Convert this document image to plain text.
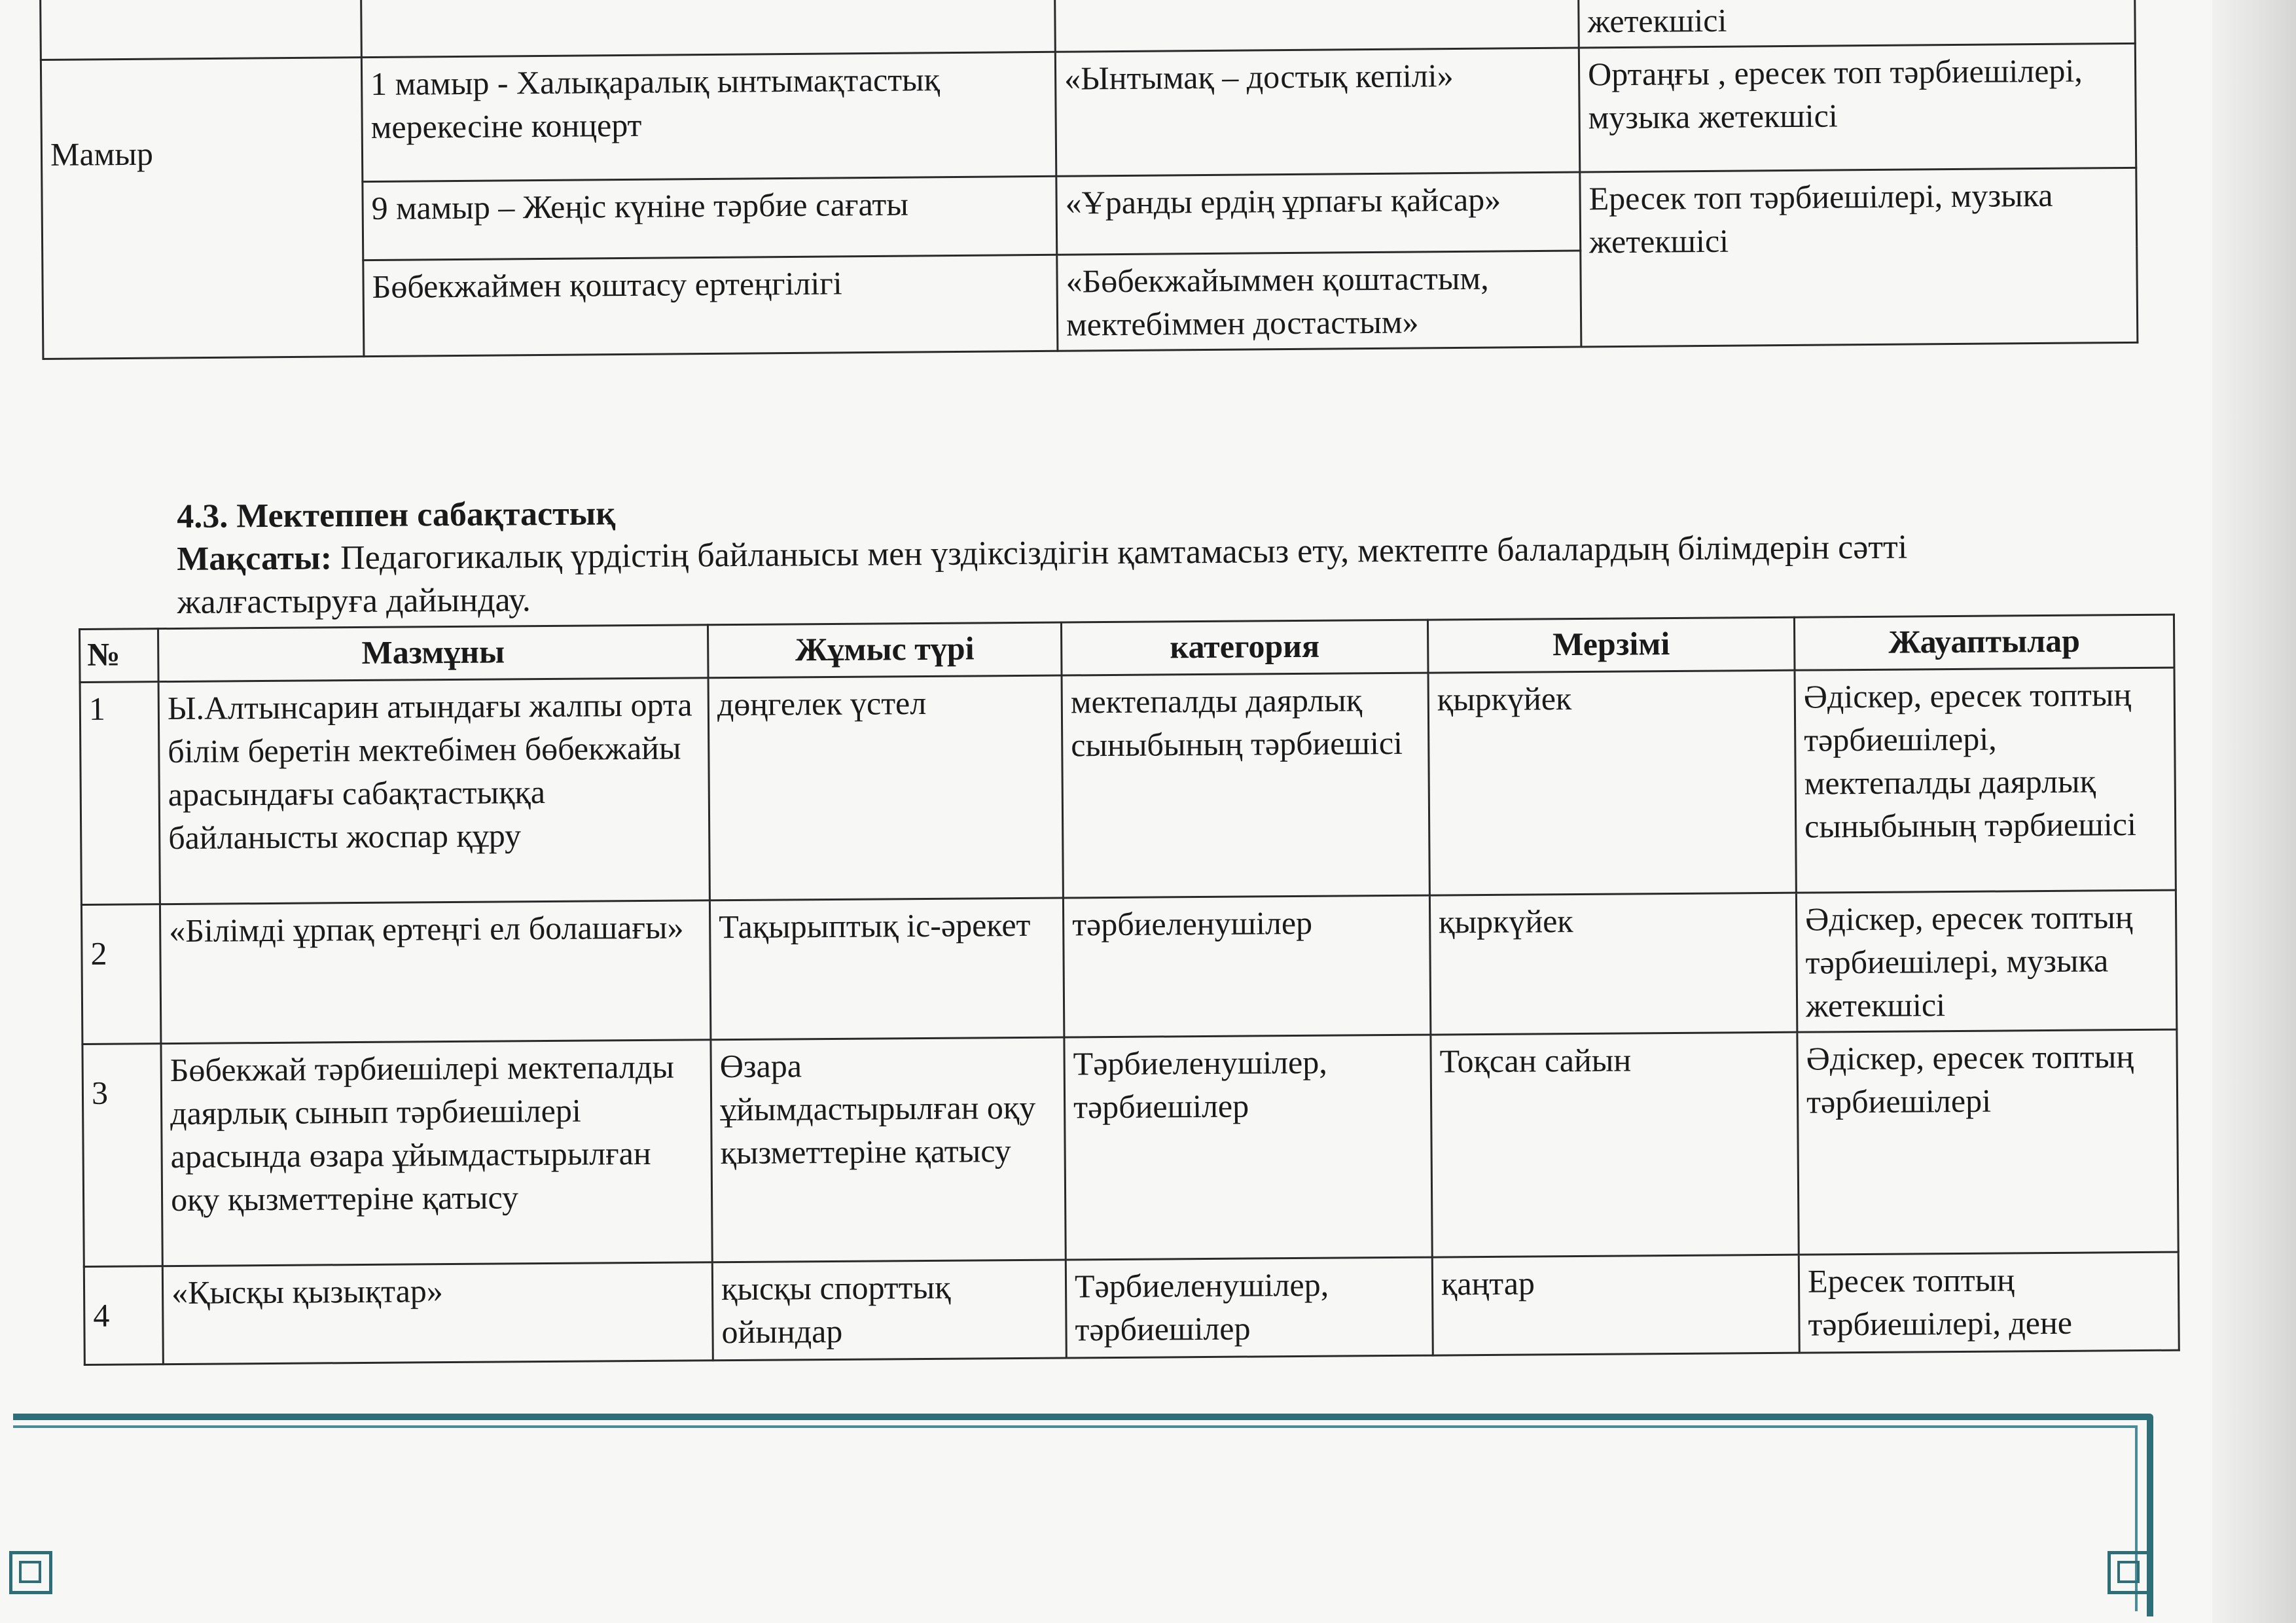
			жетекшісі
Мамыр	1 мамыр - Халықаралық ынтымақтастық мерекесіне концерт	«Ынтымақ – достық кепілі»	Ортаңғы , ересек топ тәрбиешілері, музыка жетекшісі
	9 мамыр – Жеңіс күніне тәрбие сағаты	«Ұранды ердің ұрпағы қайсар»	Ересек топ тәрбиешілері, музыка жетекшісі
	Бөбекжаймен қоштасу ертеңгілігі	«Бөбекжайыммен қоштастым, мектебіммен достастым»	

4.3. Мектеппен сабақтастық

Мақсаты: Педагогикалық үрдістің байланысы мен үздіксіздігін қамтамасыз ету, мектепте балалардың білімдерін сәтті жалғастыруға дайындау.

№	Мазмұны	Жұмыс түрі	категория	Мерзімі	Жауаптылар
1	Ы.Алтынсарин атындағы жалпы орта білім беретін мектебімен бөбекжайы арасындағы сабақтастыққа байланысты жоспар құру	дөңгелек үстел	мектепалды даярлық сыныбының тәрбиешісі	қыркүйек	Әдіскер, ересек топтың тәрбиешілері, мектепалды даярлық сыныбының тәрбиешісі
2	«Білімді ұрпақ ертеңгі ел болашағы»	Тақырыптық іс-әрекет	тәрбиеленушілер	қыркүйек	Әдіскер, ересек топтың тәрбиешілері, музыка жетекшісі
3	Бөбекжай тәрбиешілері мектепалды даярлық сынып тәрбиешілері арасында өзара ұйымдастырылған оқу қызметтеріне қатысу	Өзара ұйымдастырылған оқу қызметтеріне қатысу	Тәрбиеленушілер, тәрбиешілер	Тоқсан сайын	Әдіскер, ересек топтың тәрбиешілері
4	«Қысқы қызықтар»	қысқы спорттық ойындар	Тәрбиеленушілер, тәрбиешілер	қаңтар	Ересек топтың тәрбиешілері, дене
